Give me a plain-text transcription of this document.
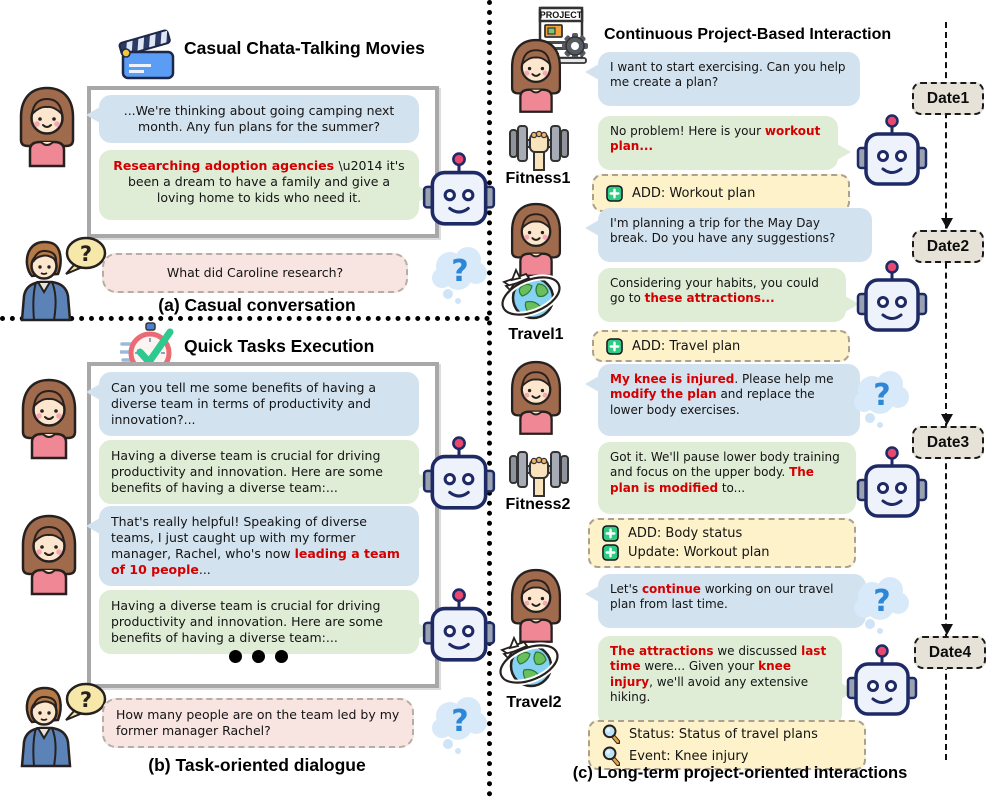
Casual Chata-Talking Movies
...We're thinking about going camping next month. Any fun plans for the summer?
Researching adoption agencies \u2014 it's been a dream to have a family and give a loving home to kids who need it.
?
What did Caroline research?	?
(a) Casual conversation
Quick Tasks Execution
Can you tell me some benefits of having a diverse team in terms of productivity and innovation?...
Having a diverse team is crucial for driving productivity and innovation. Here are some benefits of having a diverse team:...
That's really helpful! Speaking of diverse teams, I just caught up with my former manager, Rachel, who's now leading a team of 10 people...
Having a diverse team is crucial for driving productivity and innovation. Here are some benefits of having a diverse team:...
?
How many people are on the team led by my former manager Rachel?	?
(b) Task-oriented dialogue
PROJECT
Continuous Project-Based Interaction
Date1
Date2
Date3
Date4
I want to start exercising. Can you help me create a plan?
Fitness1
No problem! Here is your workout plan...
ADD: Workout plan
I'm planning a trip for the May Day break. Do you have any suggestions?
Travel1
Considering your habits, you could go to these attractions...
ADD: Travel plan
My knee is injured. Please help me modify the plan and replace the lower body exercises.	?
Fitness2
Got it. We'll pause lower body training and focus on the upper body. The plan is modified to...
ADD: Body status
Update: Workout plan
Let's continue working on our travel plan from last time.	?
Travel2
The attractions we discussed last time were... Given your knee injury, we'll avoid any extensive hiking.
Status: Status of travel plans
Event: Knee injury
(c) Long-term project-oriented interactions
